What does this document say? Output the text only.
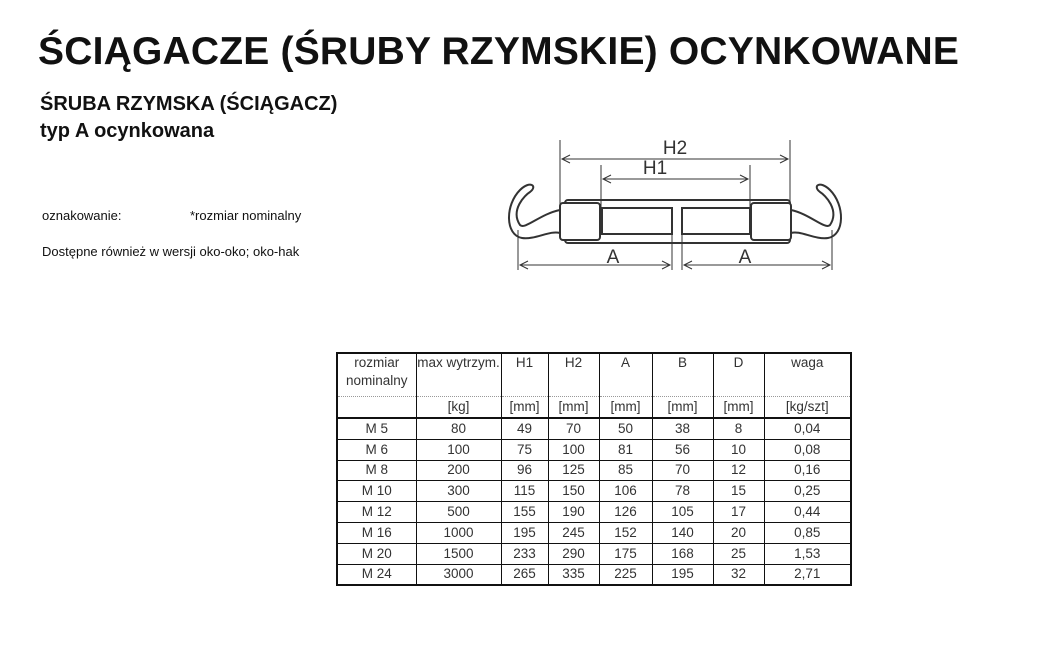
ŚCIĄGACZE (ŚRUBY RZYMSKIE) OCYNKOWANE
ŚRUBA RZYMSKA (ŚCIĄGACZ)
typ A ocynkowana
oznakowanie:	*rozmiar nominalny
Dostępne również w wersji oko-oko; oko-hak
H2
H1
A	A
rozmiar nominalny	max wytrzym.	H1	H2	A	B	D	waga
	[kg]	[mm]	[mm]	[mm]	[mm]	[mm]	[kg/szt]
M 5	80	49	70	50	38	8	0,04
M 6	100	75	100	81	56	10	0,08
M 8	200	96	125	85	70	12	0,16
M 10	300	115	150	106	78	15	0,25
M 12	500	155	190	126	105	17	0,44
M 16	1000	195	245	152	140	20	0,85
M 20	1500	233	290	175	168	25	1,53
M 24	3000	265	335	225	195	32	2,71
